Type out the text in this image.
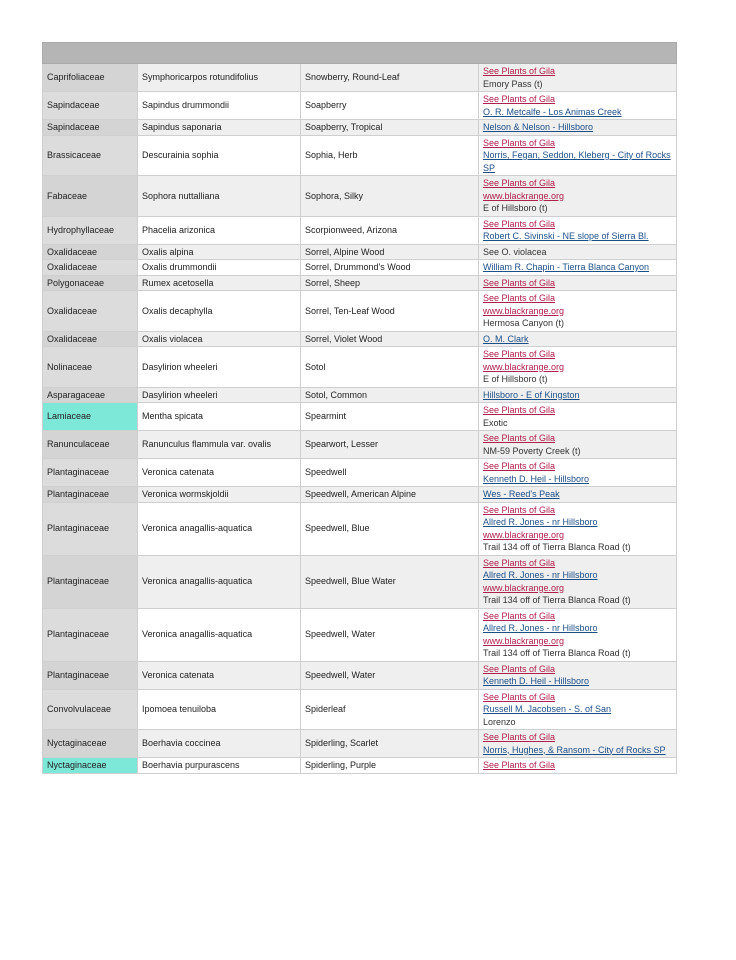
Caprifoliaceae	Symphoricarpos rotundifolius	Snowberry, Round-Leaf	See Plants of Gila
Emory Pass (t)

Sapindaceae	Sapindus drummondii	Soapberry	See Plants of Gila
O. R. Metcalfe - Los Animas Creek

Sapindaceae	Sapindus saponaria	Soapberry, Tropical	Nelson & Nelson - Hillsboro

Brassicaceae	Descurainia sophia	Sophia, Herb	See Plants of Gila
Norris, Fegan, Seddon, Kleberg - City of Rocks SP

Fabaceae	Sophora nuttalliana	Sophora, Silky	See Plants of Gila
www.blackrange.org
E of Hillsboro (t)

Hydrophyllaceae	Phacelia arizonica	Scorpionweed, Arizona	See Plants of Gila
Robert C. Sivinski - NE slope of Sierra Bl.

Oxalidaceae	Oxalis alpina	Sorrel, Alpine Wood	See O. violacea

Oxalidaceae	Oxalis drummondii	Sorrel, Drummond's Wood	William R. Chapin - Tierra Blanca Canyon

Polygonaceae	Rumex acetosella	Sorrel, Sheep	See Plants of Gila

Oxalidaceae	Oxalis decaphylla	Sorrel, Ten-Leaf Wood	See Plants of Gila
www.blackrange.org
Hermosa Canyon (t)

Oxalidaceae	Oxalis violacea	Sorrel, Violet Wood	O. M. Clark

Nolinaceae	Dasylirion wheeleri	Sotol	See Plants of Gila
www.blackrange.org
E of Hillsboro (t)

Asparagaceae	Dasylirion wheeleri	Sotol, Common	Hillsboro - E of Kingston

Lamiaceae	Mentha spicata	Spearmint	See Plants of Gila
Exotic

Ranunculaceae	Ranunculus flammula var. ovalis	Spearwort, Lesser	See Plants of Gila
NM-59 Poverty Creek (t)

Plantaginaceae	Veronica catenata	Speedwell	See Plants of Gila
Kenneth D. Heil - Hillsboro

Plantaginaceae	Veronica wormskjoldii	Speedwell, American Alpine	Wes - Reed's Peak

Plantaginaceae	Veronica anagallis-aquatica	Speedwell, Blue	See Plants of Gila
Allred R. Jones - nr Hillsboro
www.blackrange.org
Trail 134 off of Tierra Blanca Road (t)

Plantaginaceae	Veronica anagallis-aquatica	Speedwell, Blue Water	See Plants of Gila
Allred R. Jones - nr Hillsboro
www.blackrange.org
Trail 134 off of Tierra Blanca Road (t)

Plantaginaceae	Veronica anagallis-aquatica	Speedwell, Water	See Plants of Gila
Allred R. Jones - nr Hillsboro
www.blackrange.org
Trail 134 off of Tierra Blanca Road (t)

Plantaginaceae	Veronica catenata	Speedwell, Water	See Plants of Gila
Kenneth D. Heil - Hillsboro

Convolvulaceae	Ipomoea tenuiloba	Spiderleaf	See Plants of Gila
Russell M. Jacobsen - S. of San
Lorenzo

Nyctaginaceae	Boerhavia coccinea	Spiderling, Scarlet	See Plants of Gila
Norris, Hughes, & Ransom - City of Rocks SP

Nyctaginaceae	Boerhavia purpurascens	Spiderling, Purple	See Plants of Gila
